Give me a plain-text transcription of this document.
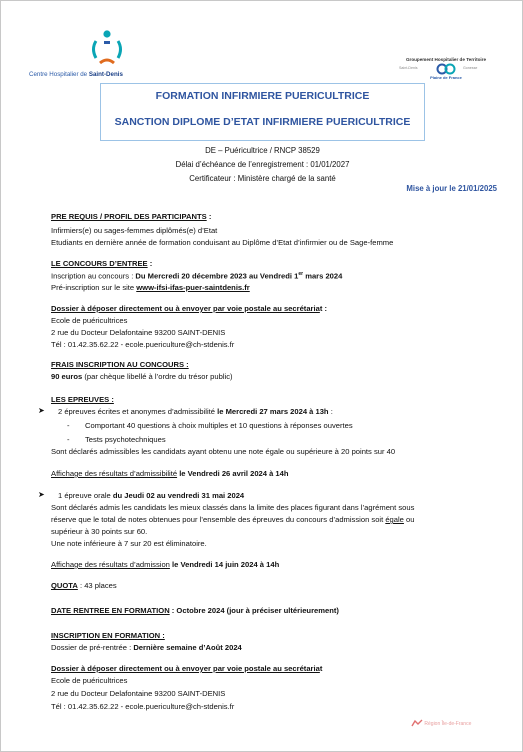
Centre Hospitalier de Saint-Denis
Groupement Hospitalier de Territoire
Saint-Denis	Gonesse
Plaine de France
FORMATION INFIRMIERE PUERICULTRICE
SANCTION DIPLOME D’ETAT INFIRMIERE PUERICULTRICE
DE – Puéricultrice / RNCP 38529
Délai d’échéance de l’enregistrement : 01/01/2027
Certificateur : Ministère chargé de la santé
Mise à jour le 21/01/2025
PRE REQUIS / PROFIL DES PARTICIPANTS :
Infirmiers(e) ou sages-femmes diplômés(e) d’Etat
Etudiants en dernière année de formation conduisant au Diplôme d’Etat d’infirmier ou de Sage-femme
LE CONCOURS D’ENTREE :
Inscription au concours : Du Mercredi 20 décembre 2023 au Vendredi 1er mars 2024
Pré-inscription sur le site www-ifsi-ifas-puer-saintdenis.fr
Dossier à déposer directement ou à envoyer par voie postale au secrétariat :
Ecole de puéricultrices
2 rue du Docteur Delafontaine 93200 SAINT-DENIS
Tél : 01.42.35.62.22 - ecole.puericulture@ch-stdenis.fr
FRAIS INSCRIPTION AU CONCOURS :
90 euros (par chèque libellé à l’ordre du trésor public)
LES EPREUVES :
➤ 2 épreuves écrites et anonymes d’admissibilité le Mercredi 27 mars 2024 à 13h :
- Comportant 40 questions à choix multiples et 10 questions à réponses ouvertes
- Tests psychotechniques
Sont déclarés admissibles les candidats ayant obtenu une note égale ou supérieure à 20 points sur 40
Affichage des résultats d’admissibilité le Vendredi 26 avril 2024 à 14h
➤ 1 épreuve orale du Jeudi 02 au vendredi 31 mai 2024
Sont déclarés admis les candidats les mieux classés dans la limite des places figurant dans l’agrément sous
réserve que le total de notes obtenues pour l’ensemble des épreuves du concours d’admission soit égale ou
supérieur à 30 points sur 60.
Une note inférieure à 7 sur 20 est éliminatoire.
Affichage des résultats d’admission le Vendredi 14 juin 2024 à 14h
QUOTA : 43 places
DATE RENTREE EN FORMATION : Octobre 2024 (jour à préciser ultérieurement)
INSCRIPTION EN FORMATION :
Dossier de pré-rentrée : Dernière semaine d’Août 2024
Dossier à déposer directement ou à envoyer par voie postale au secrétariat
Ecole de puéricultrices
2 rue du Docteur Delafontaine 93200 SAINT-DENIS
Tél : 01.42.35.62.22 - ecole.puericulture@ch-stdenis.fr
Région Île-de-France
